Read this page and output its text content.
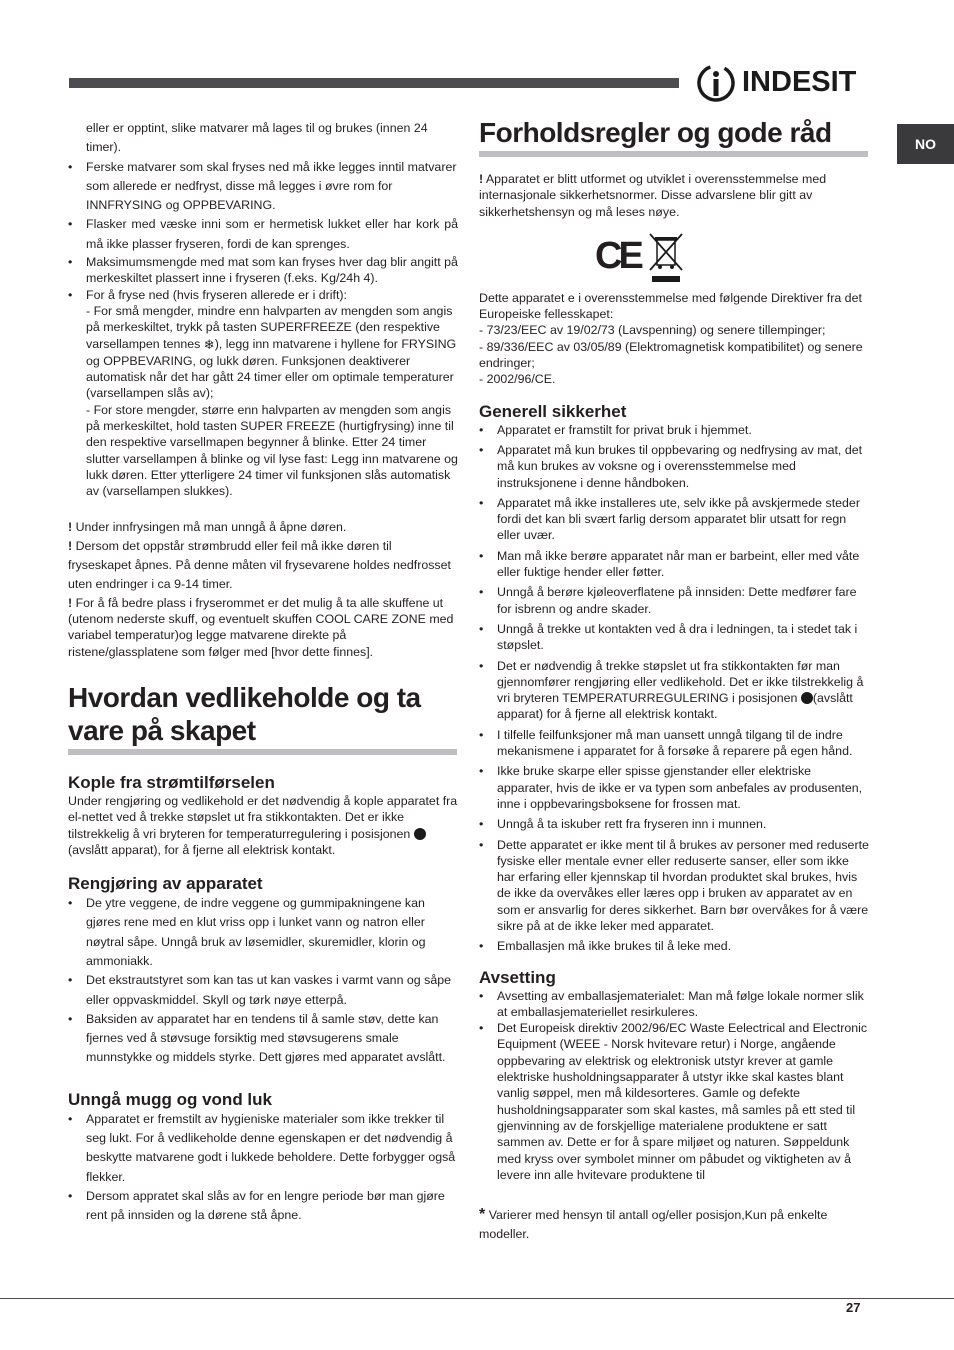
INDESIT
NO

eller er opptint, slike matvarer må lages til og brukes (innen 24

timer).

• Ferske matvarer som skal fryses ned må ikke legges inntil matvarer som allerede er nedfryst, disse må legges i øvre rom for INNFRYSING og OPPBEVARING.
• Flasker med væske inni som er hermetisk lukket eller har kork på må ikke plasser fryseren, fordi de kan sprenges.
• Maksimumsmengde med mat som kan fryses hver dag blir angitt på merkeskiltet plassert inne i fryseren (f.eks. Kg/24h 4).
• For å fryse ned (hvis fryseren allerede er i drift):
- For små mengder, mindre enn halvparten av mengden som angis på merkeskiltet, trykk på tasten SUPERFREEZE (den respektive varsellampen tennes ❄), legg inn matvarene i hyllene for FRYSING og OPPBEVARING, og lukk døren. Funksjonen deaktiverer automatisk når det har gått 24 timer eller om optimale temperaturer (varsellampen slås av);
- For store mengder, større enn halvparten av mengden som angis på merkeskiltet, hold tasten SUPER FREEZE (hurtigfrysing) inne til den respektive varsellmapen begynner å blinke. Etter 24 timer slutter varsellampen å blinke og vil lyse fast: Legg inn matvarene og lukk døren. Etter ytterligere 24 timer vil funksjonen slås automatisk av (varsellampen slukkes).

! Under innfrysingen må man unngå å åpne døren.

! Dersom det oppstår strømbrudd eller feil må ikke døren til fryseskapet åpnes. På denne måten vil frysevarene holdes nedfrosset uten endringer i ca 9-14 timer.

! For å få bedre plass i fryserommet er det mulig å ta alle skuffene ut (utenom nederste skuff, og eventuelt skuffen COOL CARE ZONE med variabel temperatur)og legge matvarene direkte på ristene/glassplatene som følger med [hvor dette finnes].

Hvordan vedlikeholde og ta vare på skapet
Kople fra strømtilførselen

Under rengjøring og vedlikehold er det nødvendig å kople apparatet fra el-nettet ved å trekke støpslet ut fra stikkontakten. Det er ikke tilstrekkelig å vri bryteren for temperaturregulering i posisjonen  (avslått apparat), for å fjerne all elektrisk kontakt.

Rengjøring av apparatet
• De ytre veggene, de indre veggene og gummipakningene kan gjøres rene med en klut vriss opp i lunket vann og natron eller nøytral såpe. Unngå bruk av løsemidler, skuremidler, klorin og ammoniakk.
• Det ekstrautstyret som kan tas ut kan vaskes i varmt vann og såpe eller oppvaskmiddel. Skyll og tørk nøye etterpå.
• Baksiden av apparatet har en tendens til å samle støv, dette kan fjernes ved å støvsuge forsiktig med støvsugerens smale munnstykke og middels styrke. Dett gjøres med apparatet avslått.
Unngå mugg og vond luk
• Apparatet er fremstilt av hygieniske materialer som ikke trekker til seg lukt. For å vedlikeholde denne egenskapen er det nødvendig å beskytte matvarene godt i lukkede beholdere. Dette forbygger også flekker.
• Dersom appratet skal slås av for en lengre periode bør man gjøre rent på innsiden og la dørene stå åpne.
Forholdsregler og gode råd

! Apparatet er blitt utformet og utviklet i overensstemmelse med internasjonale sikkerhetsnormer. Disse advarslene blir gitt av sikkerhetshensyn og må leses nøye.

CE

Dette apparatet e i overensstemmelse med følgende Direktiver fra det Europeiske fellesskapet:

- 73/23/EEC av 19/02/73 (Lavspenning) og senere tillempinger;

- 89/336/EEC av 03/05/89 (Elektromagnetisk kompatibilitet) og senere endringer;

- 2002/96/CE.

Generell sikkerhet
• Apparatet er framstilt for privat bruk i hjemmet.
• Apparatet må kun brukes til oppbevaring og nedfrysing av mat, det må kun brukes av voksne og i overensstemmelse med instruksjonene i denne håndboken.
• Apparatet må ikke installeres ute, selv ikke på avskjermede steder fordi det kan bli svært farlig dersom apparatet blir utsatt for regn eller uvær.
• Man må ikke berøre apparatet når man er barbeint, eller med våte eller fuktige hender eller føtter.
• Unngå å berøre kjøleoverflatene på innsiden: Dette medfører fare for isbrenn og andre skader.
• Unngå å trekke ut kontakten ved å dra i ledningen, ta i stedet tak i støpslet.
• Det er nødvendig å trekke støpslet ut fra stikkontakten før man gjennomfører rengjøring eller vedlikehold. Det er ikke tilstrekkelig å vri bryteren TEMPERATURREGULERING i posisjonen (avslått apparat) for å fjerne all elektrisk kontakt.
• I tilfelle feilfunksjoner må man uansett unngå tilgang til de indre mekanismene i apparatet for å forsøke å reparere på egen hånd.
• Ikke bruke skarpe eller spisse gjenstander eller elektriske apparater, hvis de ikke er va typen som anbefales av produsenten, inne i oppbevaringsboksene for frossen mat.
• Unngå å ta iskuber rett fra fryseren inn i munnen.
• Dette apparatet er ikke ment til å brukes av personer med reduserte fysiske eller mentale evner eller reduserte sanser, eller som ikke har erfaring eller kjennskap til hvordan produktet skal brukes, hvis de ikke da overvåkes eller læres opp i bruken av apparatet av en som er ansvarlig for deres sikkerhet. Barn bør overvåkes for å være sikre på at de ikke leker med apparatet.
• Emballasjen må ikke brukes til å leke med.
Avsetting
• Avsetting av emballasjematerialet: Man må følge lokale normer slik at emballasjemateriellet resirkuleres.
• Det Europeisk direktiv 2002/96/EC Waste Eelectrical and Electronic Equipment (WEEE - Norsk hvitevare retur) i Norge, angående oppbevaring av elektrisk og elektronisk utstyr krever at gamle elektriske husholdningsapparater å utstyr ikke skal kastes blant vanlig søppel, men må kildesorteres. Gamle og defekte husholdningsapparater som skal kastes, må samles på ett sted til gjenvinning av de forskjellige materialene produktene er satt sammen av. Dette er for å spare miljøet og naturen. Søppeldunk med kryss over symbolet minner om påbudet og viktigheten av å levere inn alle hvitevare produktene til

* Varierer med hensyn til antall og/eller posisjon,Kun på enkelte modeller.

27
